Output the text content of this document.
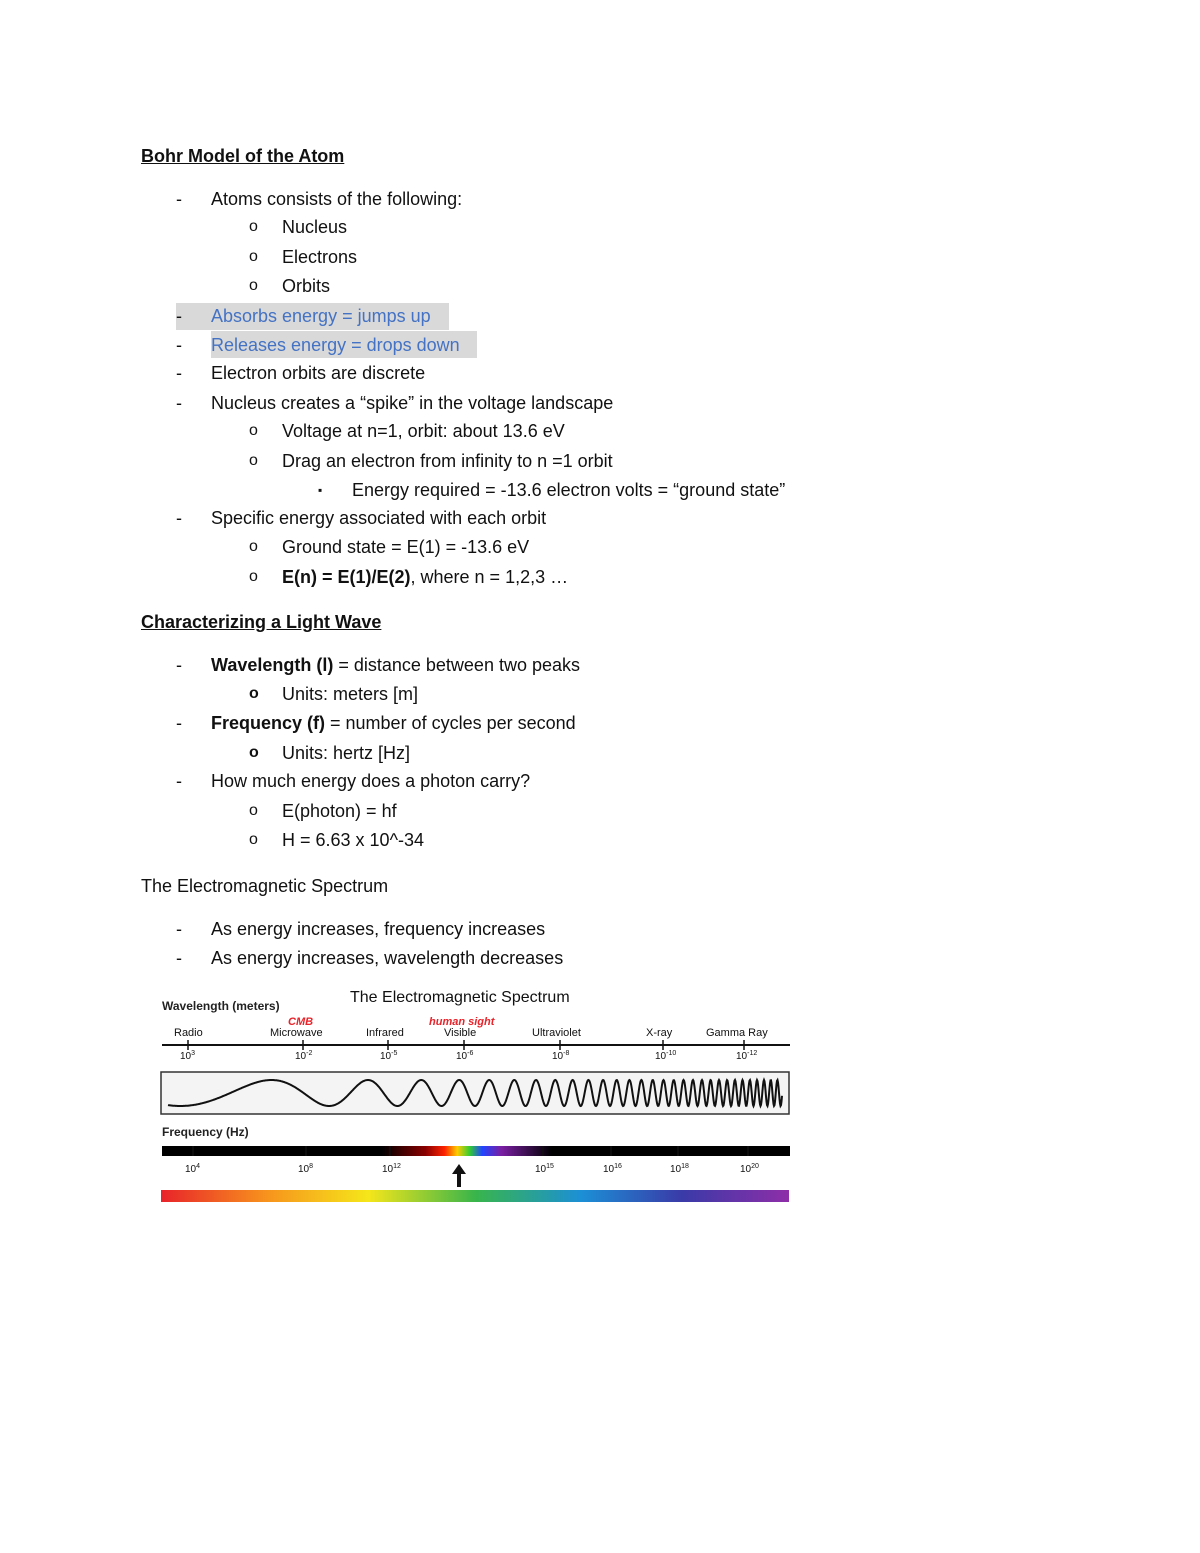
Bohr Model of the Atom
- Atoms consists of the following:
o Nucleus
o Electrons
o Orbits
- Absorbs energy = jumps up
- Releases energy = drops down
- Electron orbits are discrete
- Nucleus creates a “spike” in the voltage landscape
o Voltage at n=1, orbit: about 13.6 eV
o Drag an electron from infinity to n =1 orbit
▪ Energy required = -13.6 electron volts = “ground state”
- Specific energy associated with each orbit
o Ground state = E(1) = -13.6 eV
o E(n) = E(1)/E(2), where n = 1,2,3 …
Characterizing a Light Wave
- Wavelength (l) = distance between two peaks
o Units: meters [m]
- Frequency (f) = number of cycles per second
o Units: hertz [Hz]
- How much energy does a photon carry?
o E(photon) = hf
o H = 6.63 x 10^-34
The Electromagnetic Spectrum
- As energy increases, frequency increases
- As energy increases, wavelength decreases
Wavelength (meters)	The Electromagnetic Spectrum
CMB	human sight
Radio	Microwave	Infrared	Visible	Ultraviolet	X-ray	Gamma Ray
$10^3$	$10^{-2}$	$10^{-5}$	$10^{-6}$	$10^{-8}$	$10^{-10}$	$10^{-12}$
Frequency (Hz)
$10^4$	$10^8$	$10^{12}$	$10^{15}$	$10^{16}$	$10^{18}$	$10^{20}$
